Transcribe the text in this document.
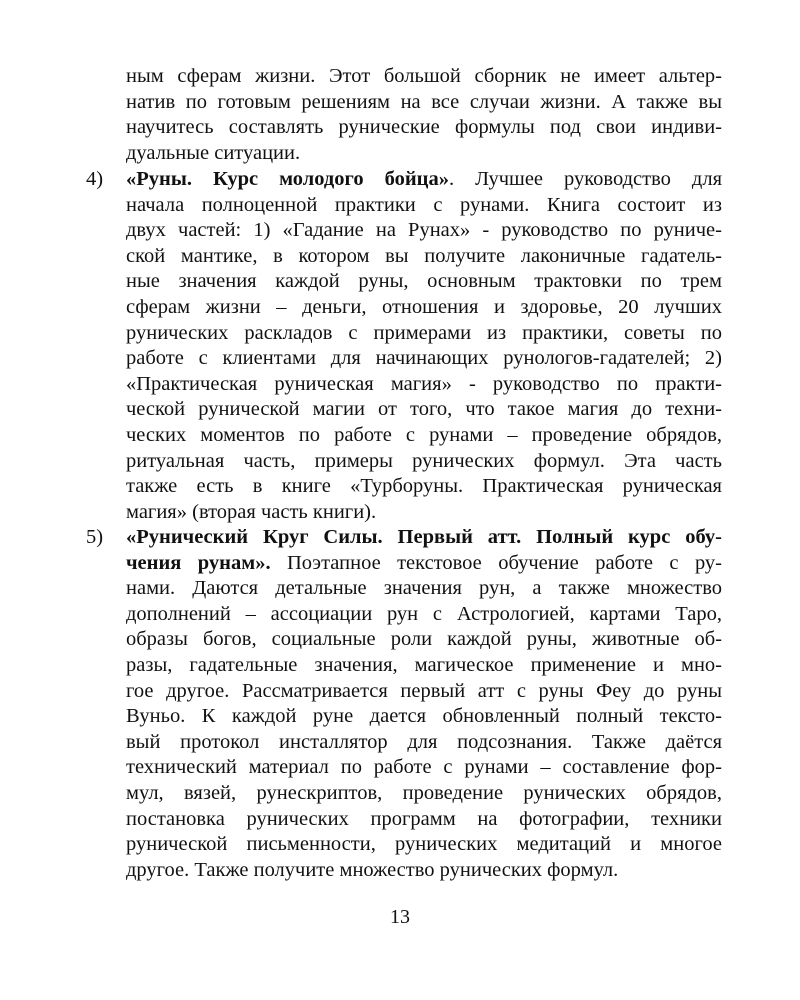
ным сферам жизни. Этот большой сборник не имеет альтер-
натив по готовым решениям на все случаи жизни. А также вы
научитесь составлять рунические формулы под свои индиви-
дуальные ситуации.
4) «Руны. Курс молодого бойца». Лучшее руководство для
начала полноценной практики с рунами. Книга состоит из
двух частей: 1) «Гадание на Рунах» - руководство по руниче-
ской мантике, в котором вы получите лаконичные гадатель-
ные значения каждой руны, основным трактовки по трем
сферам жизни – деньги, отношения и здоровье, 20 лучших
рунических раскладов с примерами из практики, советы по
работе с клиентами для начинающих рунологов-гадателей; 2)
«Практическая руническая магия» - руководство по практи-
ческой рунической магии от того, что такое магия до техни-
ческих моментов по работе с рунами – проведение обрядов,
ритуальная часть, примеры рунических формул. Эта часть
также есть в книге «Турборуны. Практическая руническая
магия» (вторая часть книги).
5) «Рунический Круг Силы. Первый атт. Полный курс обу-
чения рунам». Поэтапное текстовое обучение работе с ру-
нами. Даются детальные значения рун, а также множество
дополнений – ассоциации рун с Астрологией, картами Таро,
образы богов, социальные роли каждой руны, животные об-
разы, гадательные значения, магическое применение и мно-
гое другое. Рассматривается первый атт с руны Феу до руны
Вуньо. К каждой руне дается обновленный полный тексто-
вый протокол инсталлятор для подсознания. Также даётся
технический материал по работе с рунами – составление фор-
мул, вязей, рунескриптов, проведение рунических обрядов,
постановка рунических программ на фотографии, техники
рунической письменности, рунических медитаций и многое
другое. Также получите множество рунических формул.
13
